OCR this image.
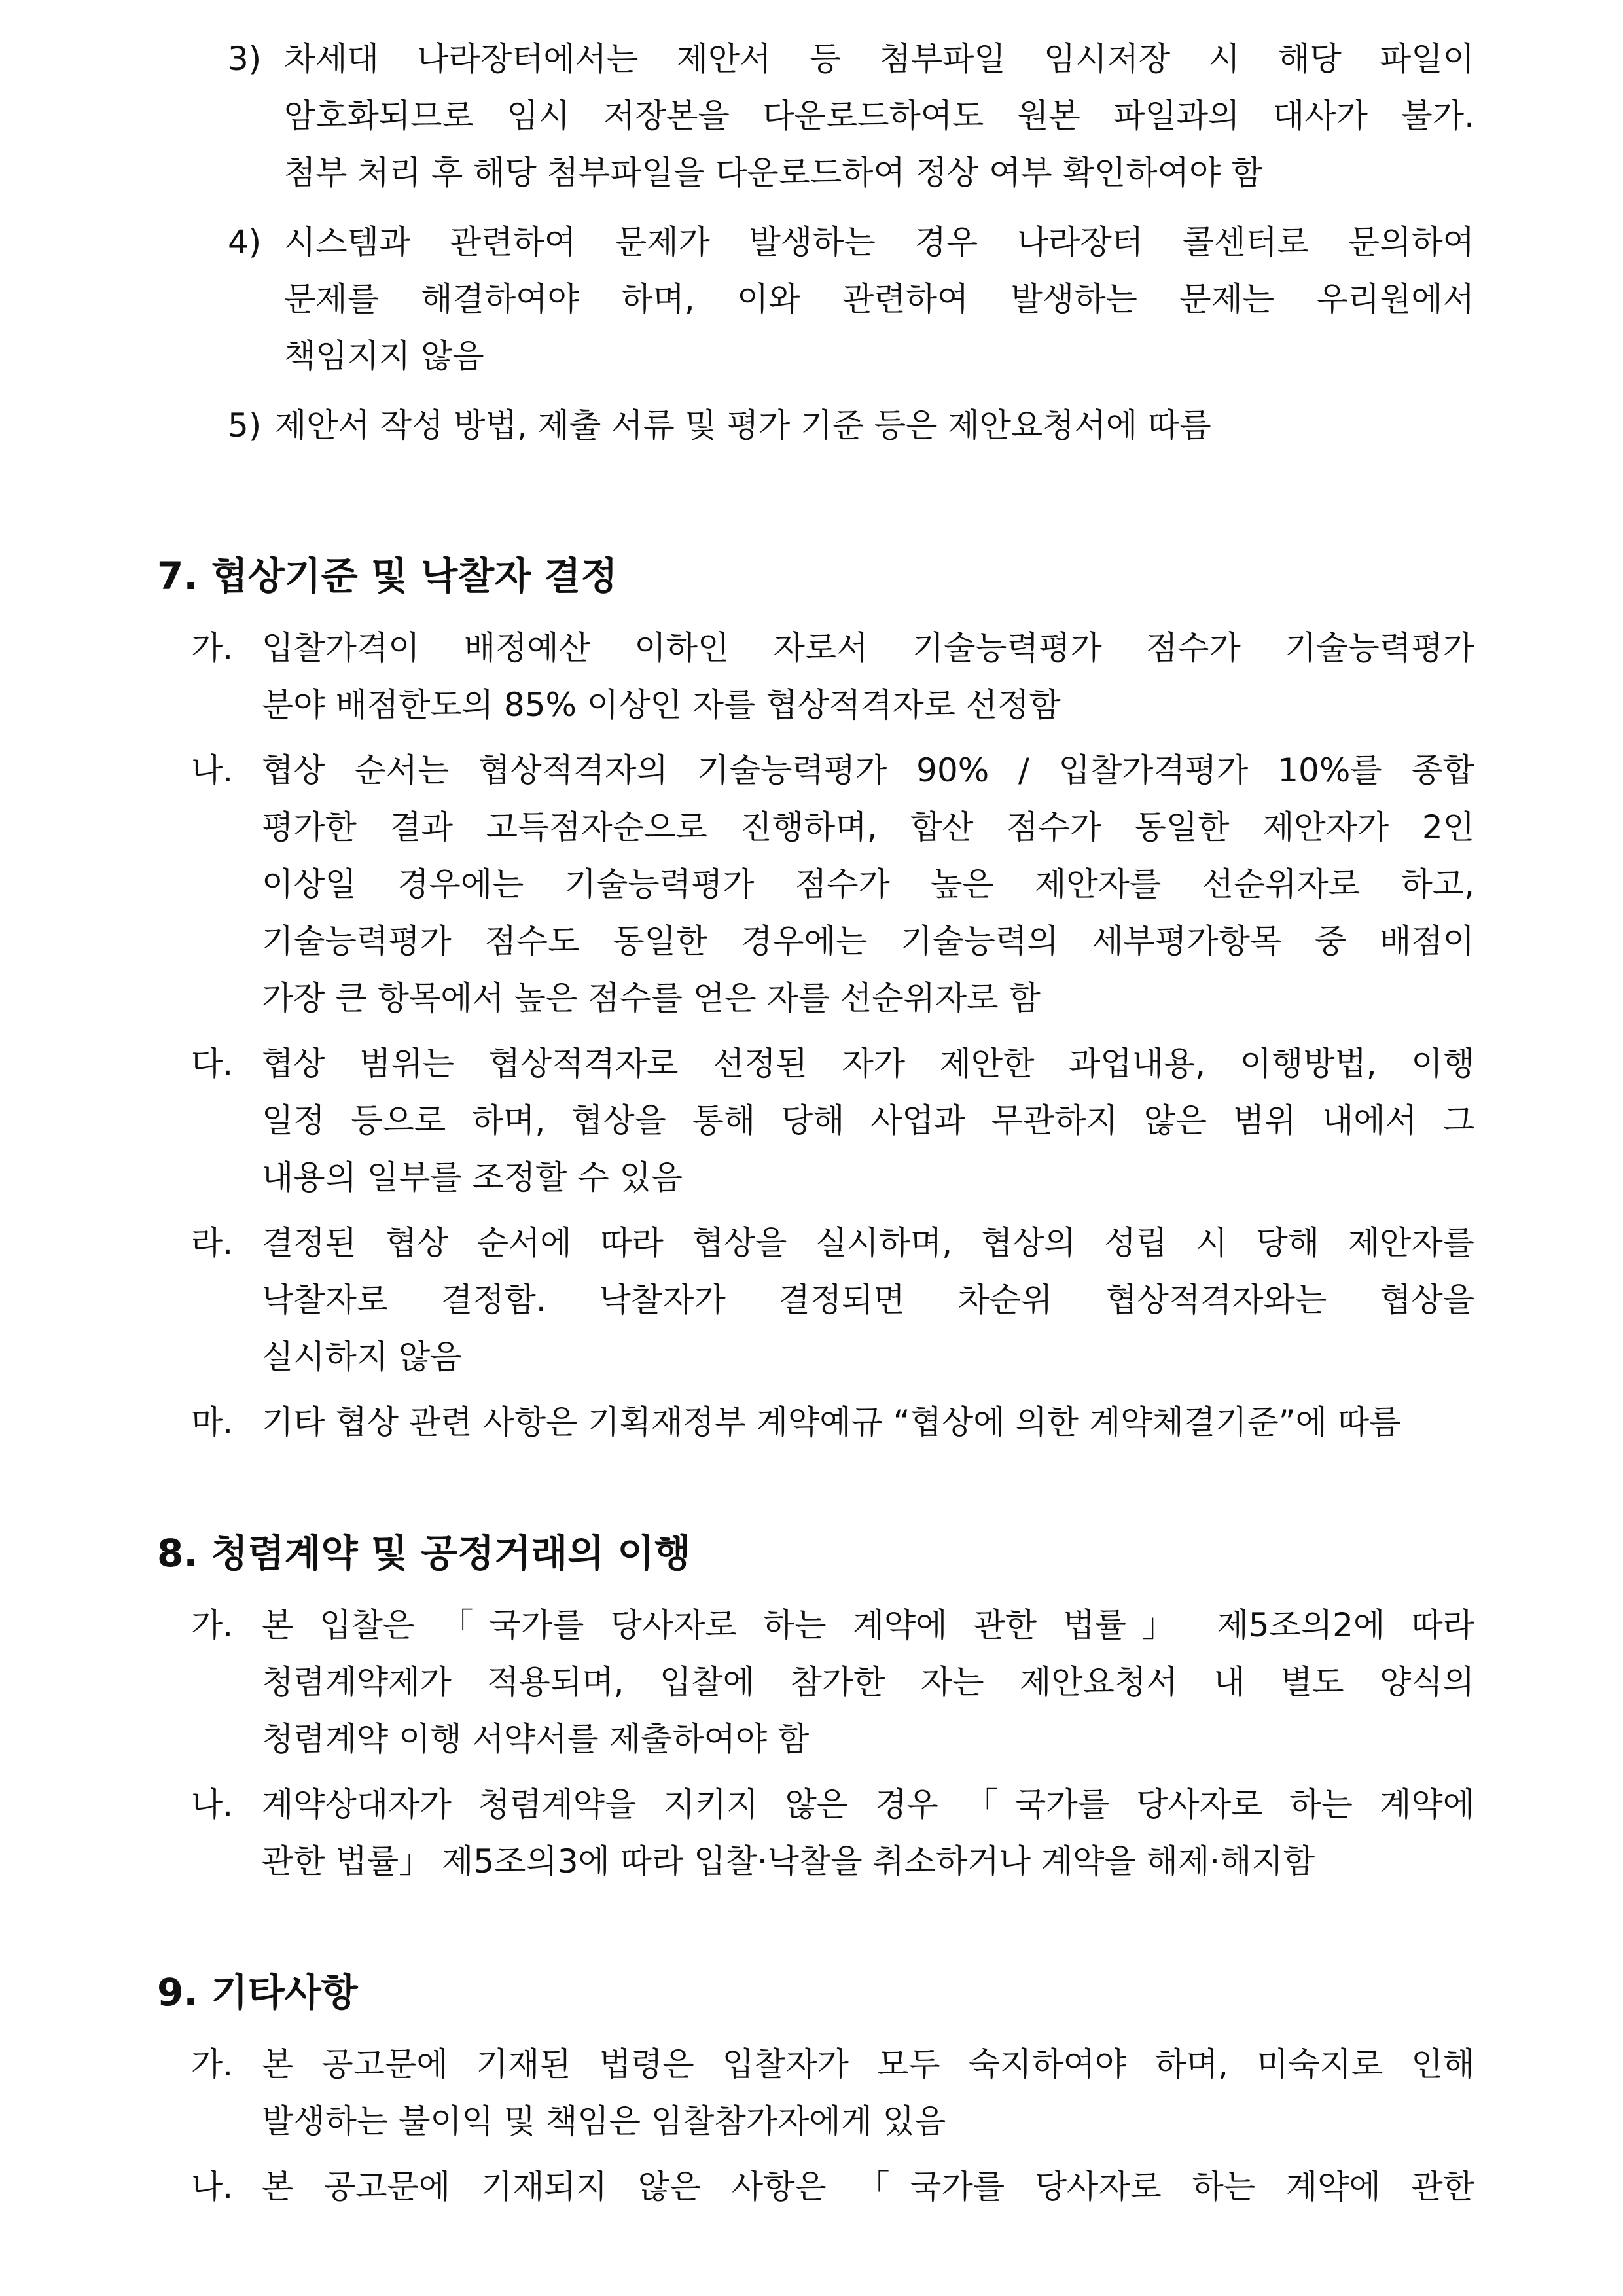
3) 차세대 나라장터에서는 제안서 등 첨부파일 임시저장 시 해당 파일이
암호화되므로 임시 저장본을 다운로드하여도 원본 파일과의 대사가 불가.
첨부 처리 후 해당 첨부파일을 다운로드하여 정상 여부 확인하여야 함
4) 시스템과 관련하여 문제가 발생하는 경우 나라장터 콜센터로 문의하여
문제를 해결하여야 하며, 이와 관련하여 발생하는 문제는 우리원에서
책임지지 않음
5) 제안서 작성 방법, 제출 서류 및 평가 기준 등은 제안요청서에 따름
7. 협상기준 및 낙찰자 결정
가. 입찰가격이 배정예산 이하인 자로서 기술능력평가 점수가 기술능력평가
분야 배점한도의 85% 이상인 자를 협상적격자로 선정함
나. 협상 순서는 협상적격자의 기술능력평가 90% / 입찰가격평가 10%를 종합
평가한 결과 고득점자순으로 진행하며, 합산 점수가 동일한 제안자가 2인
이상일 경우에는 기술능력평가 점수가 높은 제안자를 선순위자로 하고,
기술능력평가 점수도 동일한 경우에는 기술능력의 세부평가항목 중 배점이
가장 큰 항목에서 높은 점수를 얻은 자를 선순위자로 함
다. 협상 범위는 협상적격자로 선정된 자가 제안한 과업내용, 이행방법, 이행
일정 등으로 하며, 협상을 통해 당해 사업과 무관하지 않은 범위 내에서 그
내용의 일부를 조정할 수 있음
라. 결정된 협상 순서에 따라 협상을 실시하며, 협상의 성립 시 당해 제안자를
낙찰자로 결정함. 낙찰자가 결정되면 차순위 협상적격자와는 협상을
실시하지 않음
마. 기타 협상 관련 사항은 기획재정부 계약예규 “협상에 의한 계약체결기준”에 따름
8. 청렴계약 및 공정거래의 이행
가. 본 입찰은 「국가를 당사자로 하는 계약에 관한 법률」 제5조의2에 따라
청렴계약제가 적용되며, 입찰에 참가한 자는 제안요청서 내 별도 양식의
청렴계약 이행 서약서를 제출하여야 함
나. 계약상대자가 청렴계약을 지키지 않은 경우 「국가를 당사자로 하는 계약에
관한 법률」 제5조의3에 따라 입찰·낙찰을 취소하거나 계약을 해제·해지함
9. 기타사항
가. 본 공고문에 기재된 법령은 입찰자가 모두 숙지하여야 하며, 미숙지로 인해
발생하는 불이익 및 책임은 임찰참가자에게 있음
나. 본 공고문에 기재되지 않은 사항은 「국가를 당사자로 하는 계약에 관한
